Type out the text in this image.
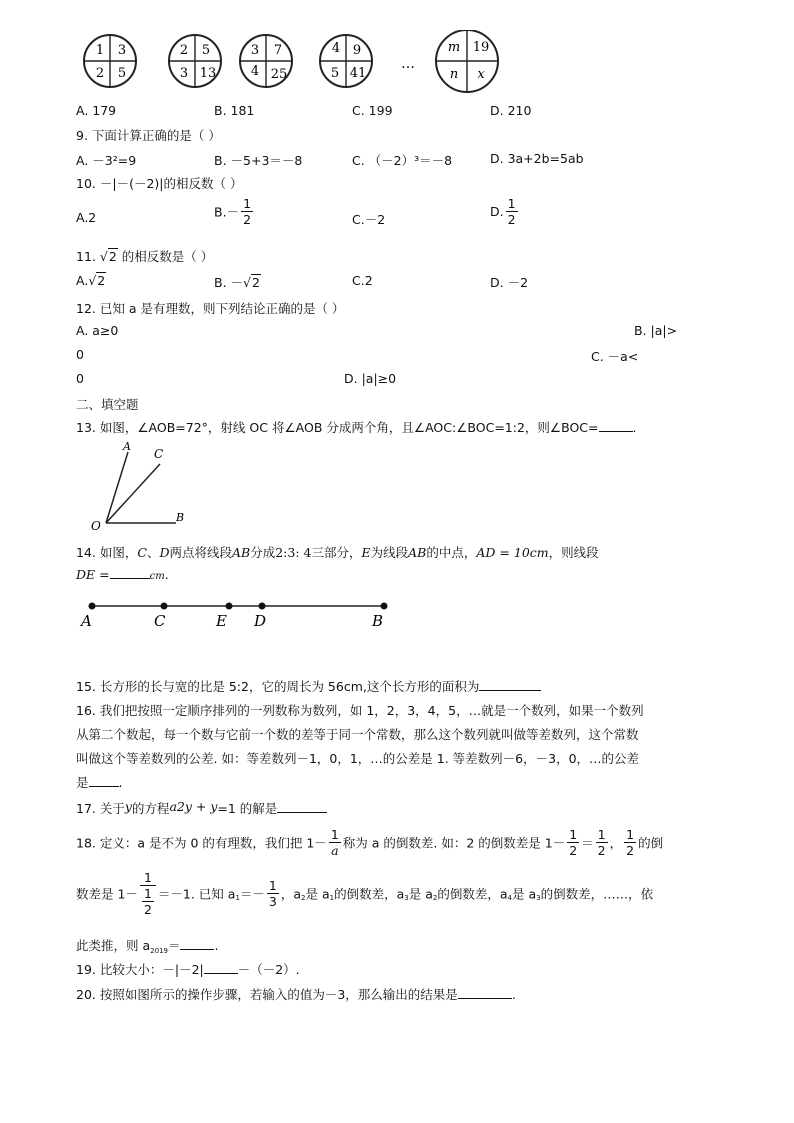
1 3
2 5
2 5
3 13
3 7
4 25
4 9
5 41
…
m 19
n x
A. 179	B. 181	C. 199	D. 210
9. 下面计算正确的是（ ）
A. －3²=9	B. －5+3＝－8	C. （－2）³＝－8	D. 3a+2b=5ab
10. －|－(－2)|的相反数（ ）
A.2	$B.- \frac{1}{2}$	C.－2
D. $\frac{1}{2}$
11. √2 的相反数是（ ）
A.√2	B. －√2	C.2	D. －2
12. 已知 a 是有理数，则下列结论正确的是（ ）
A. a≥0	B. |a|>
0	C. －a<
0	D. |a|≥0
二、填空题
13. 如图，∠AOB=72°，射线 OC 将∠AOB 分成两个角，且∠AOC:∠BOC=1:2，则∠BOC=	.
A
C
O
B
14. 如图，C、D两点将线段AB分成2:3: 4三部分，E为线段AB的中点，AD = 10cm，则线段
DE =	cm.
A	C	E D	B
15. 长方形的长与宽的比是 5:2，它的周长为 56cm,这个长方形的面积为
16. 我们把按照一定顺序排列的一列数称为数列，如 1，2，3，4，5，…就是一个数列，如果一个数列
从第二个数起，每一个数与它前一个数的差等于同一个常数，那么这个数列就叫做等差数列，这个常数
叫做这个等差数列的公差. 如：等差数列－1，0，1，…的公差是 1. 等差数列－6，－3，0，…的公差
是 .
17. 关于y的方程a2y + y=1 的解是
18. 定义：a 是不为 0 的有理数，我们把 $1- \frac{1}{a}$ 称为 a 的倒数差. 如：2 的倒数差是 $1- \frac{1}{2} = \frac{1}{2}$ ， $\frac{1}{2}$ 的倒
数差是 $1- \frac{1}{\frac{1}{2}} =-1$. 已知 $a_1=- \frac{1}{3}$ ，$a_2$是 $a_1$的倒数差，$a_3$是 $a_2$的倒数差，$a_4$是 $a_3$的倒数差，……，依
此类推，则 $a_{2019}=$	.
19. 比较大小：－|－2|	－（－2）.
20. 按照如图所示的操作步骤，若输入的值为－3，那么输出的结果是	.
